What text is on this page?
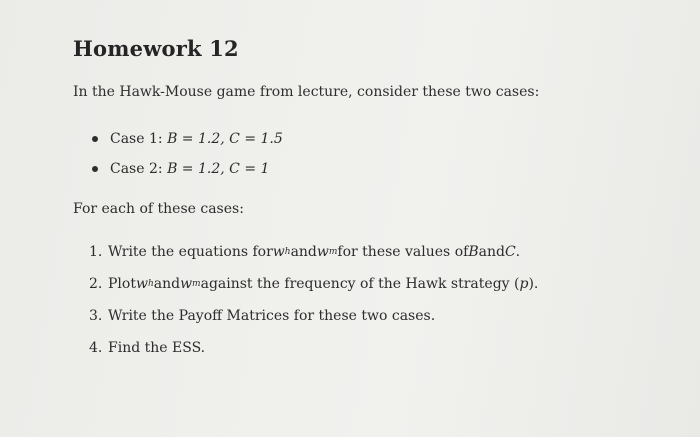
Homework 12
In the Hawk-Mouse game from lecture, consider these two cases:
Case 1:
B = 1.2,
C = 1.5
Case 2:
B = 1.2,
C = 1
For each of these cases:
1. Write the equations for w h and w m for these values of B and C .
2. Plot w h and w m against the frequency of the Hawk strategy ( p ).
3. Write the Payoff Matrices for these two cases.
4. Find the ESS.
